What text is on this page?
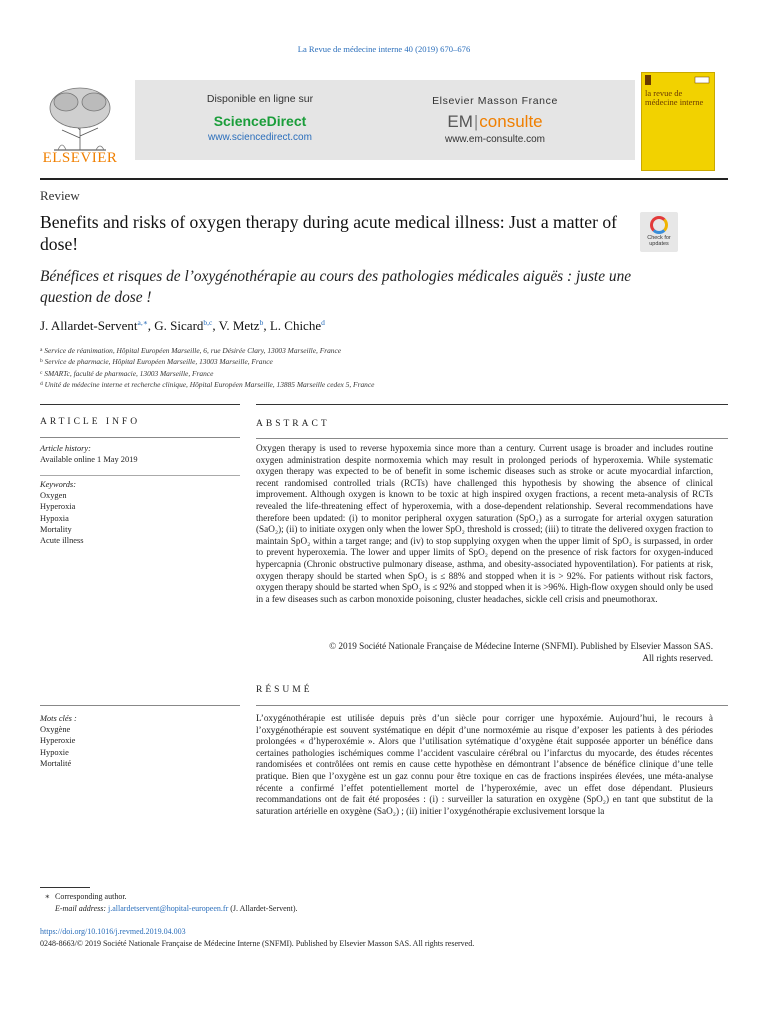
La Revue de médecine interne 40 (2019) 670–676
ELSEVIER
Disponible en ligne sur
ScienceDirect
www.sciencedirect.com
Elsevier Masson France
EM|consulte
www.em-consulte.com
la revue de
médecine interne
Review
Benefits and risks of oxygen therapy during acute medical illness: Just a matter of dose!	Check for
updates
Bénéfices et risques de l’oxygénothérapie au cours des pathologies médicales aiguës : juste une question de dose !
J. Allardet-Servent$^{a,∗}$, G. Sicard$^{b,c}$, V. Metz$^b$, L. Chiche$^d$
$^a$ Service de réanimation, Hôpital Européen Marseille, 6, rue Désirée Clary, 13003 Marseille, France
$^b$ Service de pharmacie, Hôpital Européen Marseille, 13003 Marseille, France
$^c$ SMARTc, faculté de pharmacie, 13003 Marseille, France
$^d$ Unité de médecine interne et recherche clinique, Hôpital Européen Marseille, 13885 Marseille cedex 5, France
ARTICLE INFO	ABSTRACT
Article history:
Available online 1 May 2019
Keywords:
Oxygen
Hyperoxia
Hypoxia
Mortality
Acute illness

Oxygen therapy is used to reverse hypoxemia since more than a century. Current usage is broader and includes routine oxygen administration despite normoxemia which may result in prolonged periods of hyperoxemia. While systematic oxygen therapy was expected to be of benefit in some ischemic diseases such as stroke or acute myocardial infarction, recent randomised controlled trials (RCTs) have challenged this hypothesis by showing the absence of clinical improvement. Although oxygen is known to be toxic at high inspired oxygen fractions, a recent meta-analysis of RCTs revealed the life-threatening effect of hyperoxemia, with a dose-dependent relationship. Several recommendations have therefore been updated: (i) to monitor peripheral oxygen saturation (SpO₂) as a surrogate for arterial oxygen saturation (SaO₂); (ii) to initiate oxygen only when the lower SpO₂ threshold is crossed; (iii) to titrate the delivered oxygen fraction to maintain SpO₂ within a target range; and (iv) to stop supplying oxygen when the upper limit of SpO₂ is surpassed, in order to prevent hyperoxemia. The lower and upper limits of SpO₂ depend on the presence of risk factors for oxygen-induced hypercapnia (Chronic obstructive pulmonary disease, asthma, and obesity-associated hypoventilation). For patients at risk, oxygen therapy should be started when SpO₂ is ≤ 88% and stopped when it is > 92%. For patients without risk factors, oxygen therapy should be started when SpO₂ is ≤ 92% and stopped when it is >96%. High-flow oxygen should only be used in a few diseases such as carbon monoxide poisoning, cluster headaches, sickle cell crisis and pneumothorax.

© 2019 Société Nationale Française de Médecine Interne (SNFMI). Published by Elsevier Masson SAS.
All rights reserved.
RÉSUMÉ
Mots clés :
Oxygène
Hyperoxie
Hypoxie
Mortalité

L’oxygénothérapie est utilisée depuis près d’un siècle pour corriger une hypoxémie. Aujourd’hui, le recours à l’oxygénothérapie est souvent systématique en dépit d’une normoxémie au risque d’exposer les patients à des périodes prolongées « d’hyperoxémie ». Alors que l’utilisation sytématique d’oxygène était supposée apporter un bénéfice dans certaines pathologies ischémiques comme l’accident vasculaire cérébral ou l’infarctus du myocarde, des études récentes randomisées et contrôlées ont remis en cause cette hypothèse en démontrant l’absence de bénéfice clinique d’une telle pratique. Bien que l’oxygène est un gaz connu pour être toxique en cas de fractions inspirées élevées, une méta-analyse récente a confirmé l’effet potentiellement mortel de l’hyperoxémie, avec un effet dose dépendant. Plusieurs recommandations ont de fait été proposées : (i) : surveiller la saturation en oxygène (SpO₂) en tant que substitut de la saturation artérielle en oxygène (SaO₂) ; (ii) initier l’oxygénothérapie exclusivement lorsque la

∗ Corresponding author.
E-mail address: j.allardetservent@hopital-europeen.fr (J. Allardet-Servent).
https://doi.org/10.1016/j.revmed.2019.04.003
0248-8663/© 2019 Société Nationale Française de Médecine Interne (SNFMI). Published by Elsevier Masson SAS. All rights reserved.
